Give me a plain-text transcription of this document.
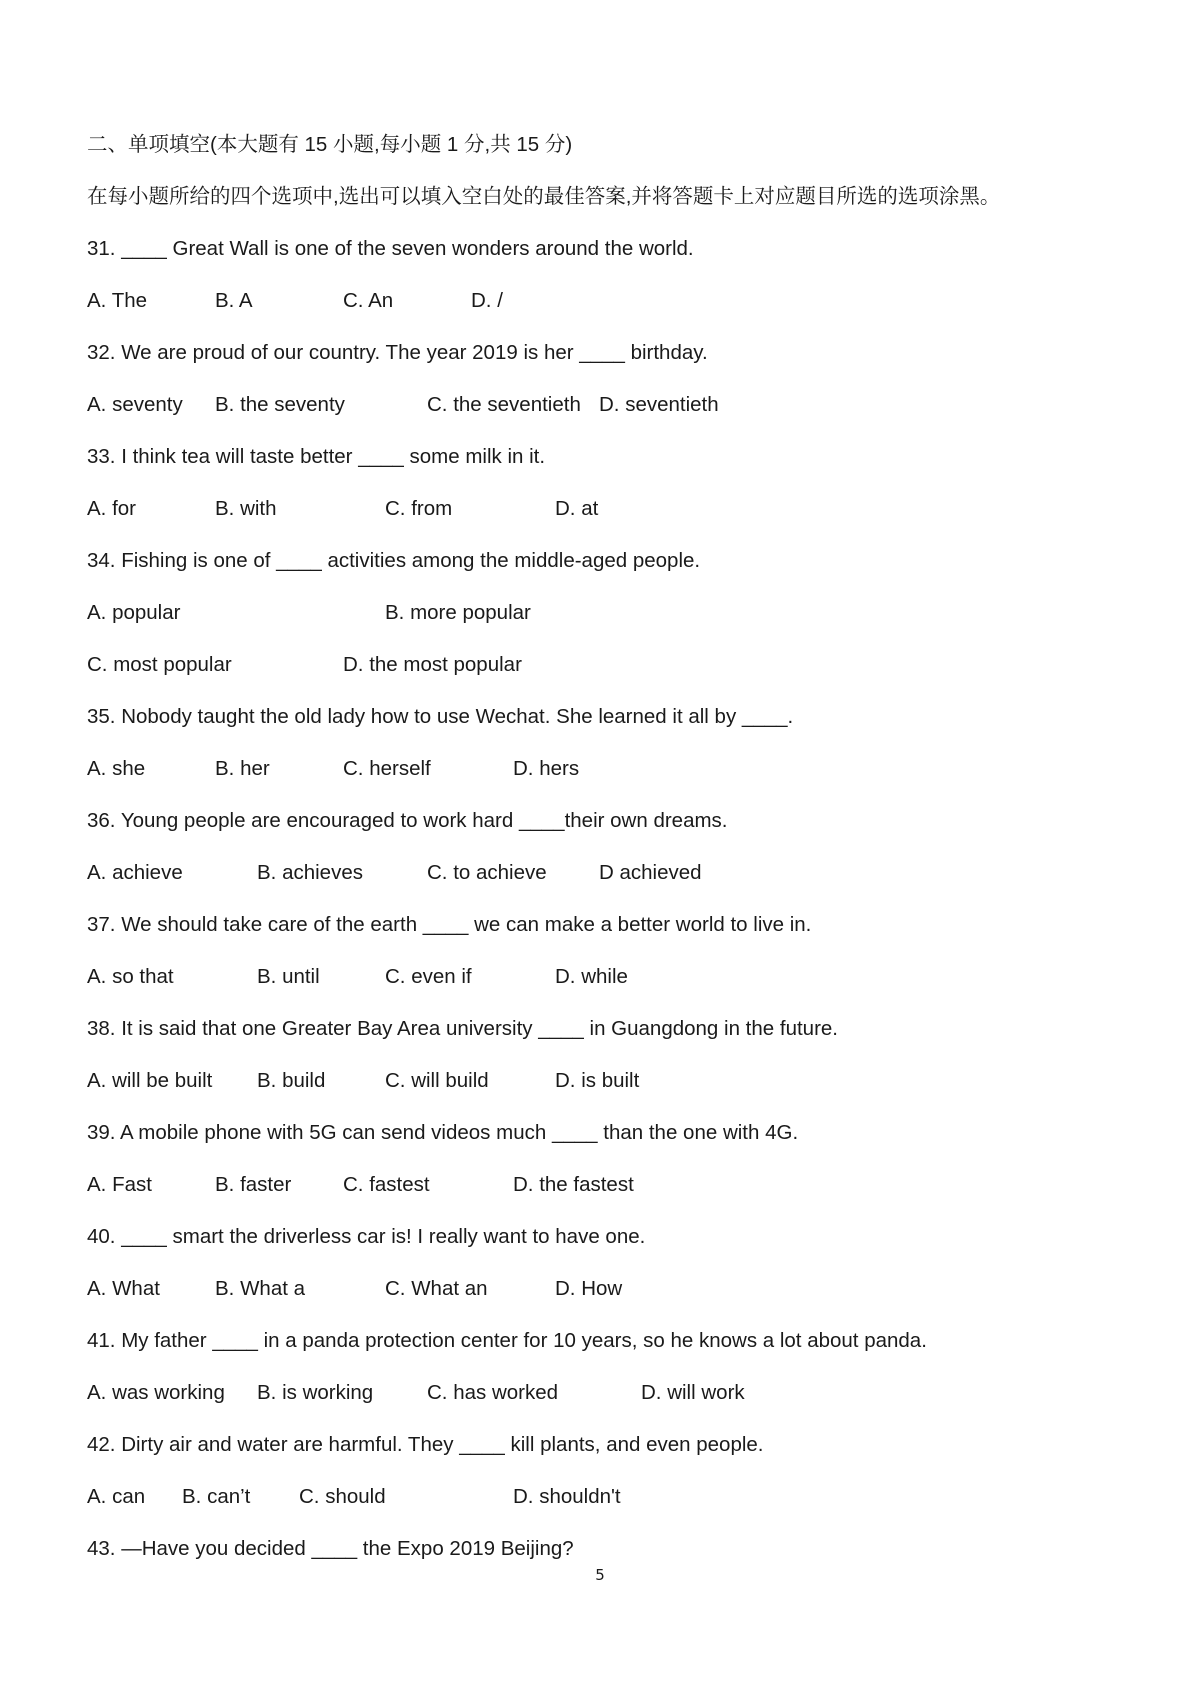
二、单项填空(本大题有 15 小题,每小题 1 分,共 15 分)
在每小题所给的四个选项中,选出可以填入空白处的最佳答案,并将答题卡上对应题目所选的选项涂黑。
31. ____ Great Wall is one of the seven wonders around the world.
A. The	B. A	C. An	D. /
32. We are proud of our country. The year 2019 is her ____ birthday.
A. seventy B. the seventy	C. the seventieth D. seventieth
33. I think tea will taste better ____ some milk in it.
A. for	B. with	C. from	D. at
34. Fishing is one of ____ activities among the middle-aged people.
A. popular	B. more popular
C. most popular	D. the most popular
35. Nobody taught the old lady how to use Wechat. She learned it all by ____.
A. she	B. her	C. herself	D. hers
36. Young people are encouraged to work hard ____their own dreams.
A. achieve	B. achieves	C. to achieve	D achieved
37. We should take care of the earth ____ we can make a better world to live in.
A. so that	B. until	C. even if	D. while
38. It is said that one Greater Bay Area university ____ in Guangdong in the future.
A. will be built B. build	C. will build	D. is built
39. A mobile phone with 5G can send videos much ____ than the one with 4G.
A. Fast	B. faster	C. fastest	D. the fastest
40. ____ smart the driverless car is! I really want to have one.
A. What	B. What a	C. What an	D. How
41. My father ____ in a panda protection center for 10 years, so he knows a lot about panda.
A. was working B. is working	C. has worked	D. will work
42. Dirty air and water are harmful. They ____ kill plants, and even people.
A. can B. can’t C. should	D. shouldn't
43. —Have you decided ____ the Expo 2019 Beijing?
5
